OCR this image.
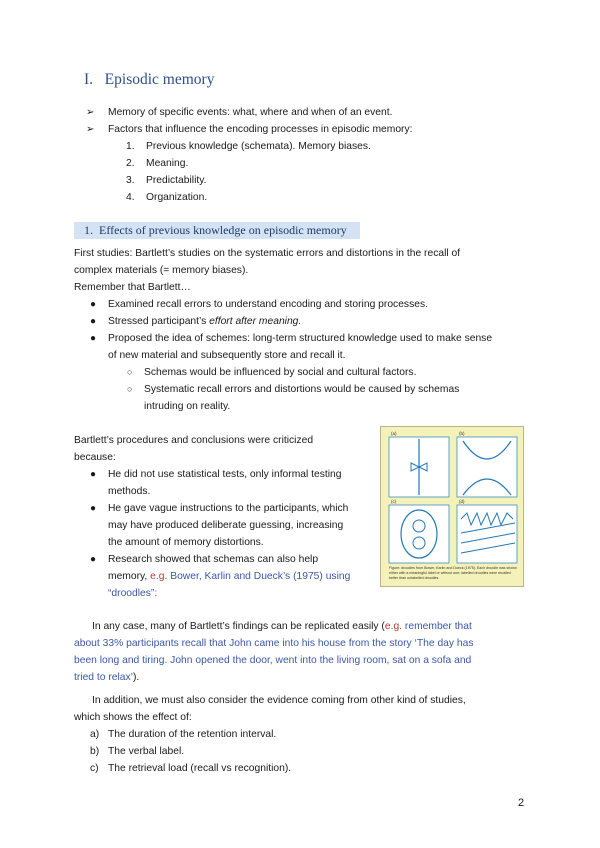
I. Episodic memory
➢ Memory of specific events: what, where and when of an event.
➢ Factors that influence the encoding processes in episodic memory:
1. Previous knowledge (schemata). Memory biases.
2. Meaning.
3. Predictability.
4. Organization.
1. Effects of previous knowledge on episodic memory
First studies: Bartlett’s studies on the systematic errors and distortions in the recall of
complex materials (= memory biases).
Remember that Bartlett…
● Examined recall errors to understand encoding and storing processes.
● Stressed participant’s effort after meaning.
● Proposed the idea of schemes: long-term structured knowledge used to make sense
of new material and subsequently store and recall it.
○ Schemas would be influenced by social and cultural factors.
○ Systematic recall errors and distortions would be caused by schemas
intruding on reality.
Bartlett’s procedures and conclusions were criticized
because:
● He did not use statistical tests, only informal testing
methods.
● He gave vague instructions to the participants, which
may have produced deliberate guessing, increasing
the amount of memory distortions.
● Research showed that schemas can also help
memory, e.g. Bower, Karlin and Dueck’s (1975) using
“droodles”:
(a)	(b)
(c)	(d)
Figure: droodles from Bower, Karlin and Dueck (1975). Each droodle was shown either with a meaningful label or without one; labelled droodles were recalled better than unlabelled droodles.
In any case, many of Bartlett’s findings can be replicated easily (e.g. remember that
about 33% participants recall that John came into his house from the story ‘The day has
been long and tiring. John opened the door, went into the living room, sat on a sofa and
tried to relax’).
In addition, we must also consider the evidence coming from other kind of studies,
which shows the effect of:
a) The duration of the retention interval.
b) The verbal label.
c) The retrieval load (recall vs recognition).
2
